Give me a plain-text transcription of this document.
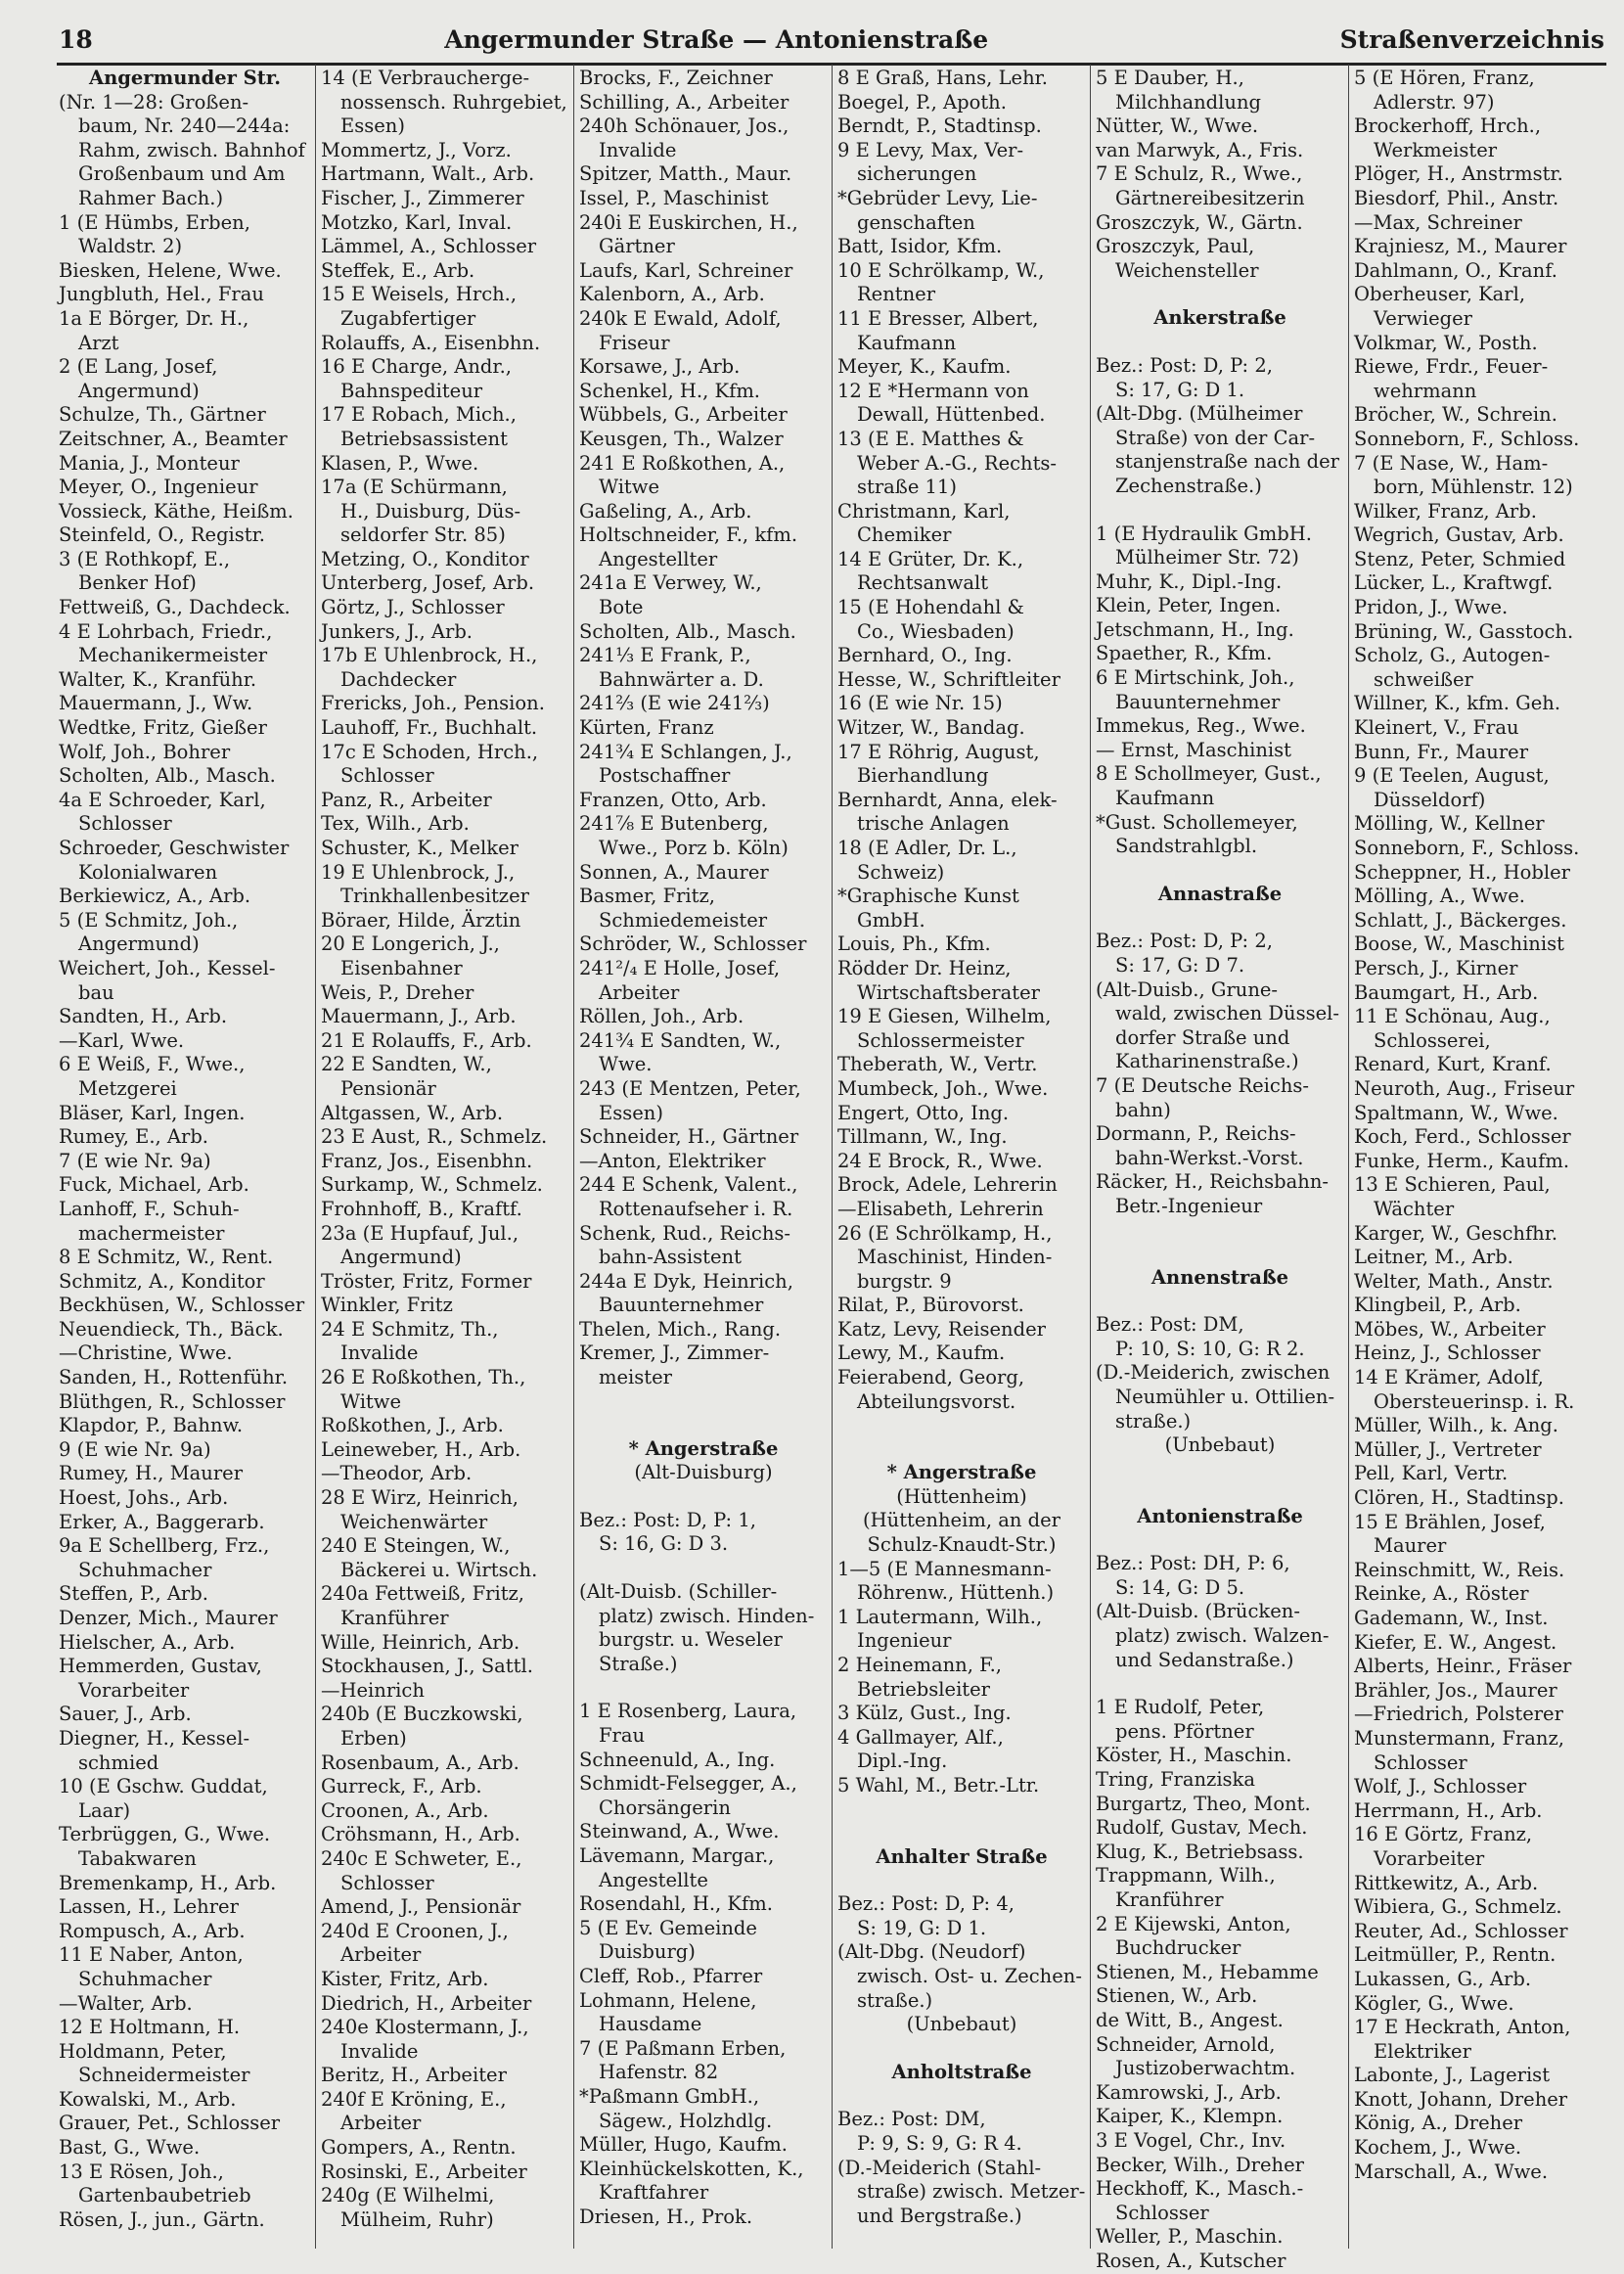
18	Angermunder Straße — Antonienstraße	Straßenverzeichnis
Angermunder Str.
(Nr. 1—28: Großen-
baum, Nr. 240—244a:
Rahm, zwisch. Bahnhof
Großenbaum und Am
Rahmer Bach.)
1 (E Hümbs, Erben,
Waldstr. 2)
Biesken, Helene, Wwe.
Jungbluth, Hel., Frau
1a E Börger, Dr. H.,
Arzt
2 (E Lang, Josef,
Angermund)
Schulze, Th., Gärtner
Zeitschner, A., Beamter
Mania, J., Monteur
Meyer, O., Ingenieur
Vossieck, Käthe, Heißm.
Steinfeld, O., Registr.
3 (E Rothkopf, E.,
Benker Hof)
Fettweiß, G., Dachdeck.
4 E Lohrbach, Friedr.,
Mechanikermeister
Walter, K., Kranführ.
Mauermann, J., Ww.
Wedtke, Fritz, Gießer
Wolf, Joh., Bohrer
Scholten, Alb., Masch.
4a E Schroeder, Karl,
Schlosser
Schroeder, Geschwister
Kolonialwaren
Berkiewicz, A., Arb.
5 (E Schmitz, Joh.,
Angermund)
Weichert, Joh., Kessel-
bau
Sandten, H., Arb.
—Karl, Wwe.
6 E Weiß, F., Wwe.,
Metzgerei
Bläser, Karl, Ingen.
Rumey, E., Arb.
7 (E wie Nr. 9a)
Fuck, Michael, Arb.
Lanhoff, F., Schuh-
machermeister
8 E Schmitz, W., Rent.
Schmitz, A., Konditor
Beckhüsen, W., Schlosser
Neuendieck, Th., Bäck.
—Christine, Wwe.
Sanden, H., Rottenführ.
Blüthgen, R., Schlosser
Klapdor, P., Bahnw.
9 (E wie Nr. 9a)
Rumey, H., Maurer
Hoest, Johs., Arb.
Erker, A., Baggerarb.
9a E Schellberg, Frz.,
Schuhmacher
Steffen, P., Arb.
Denzer, Mich., Maurer
Hielscher, A., Arb.
Hemmerden, Gustav,
Vorarbeiter
Sauer, J., Arb.
Diegner, H., Kessel-
schmied
10 (E Gschw. Guddat,
Laar)
Terbrüggen, G., Wwe.
Tabakwaren
Bremenkamp, H., Arb.
Lassen, H., Lehrer
Rompusch, A., Arb.
11 E Naber, Anton,
Schuhmacher
—Walter, Arb.
12 E Holtmann, H.
Holdmann, Peter,
Schneidermeister
Kowalski, M., Arb.
Grauer, Pet., Schlosser
Bast, G., Wwe.
13 E Rösen, Joh.,
Gartenbaubetrieb
Rösen, J., jun., Gärtn.
14 (E Verbraucherge-
nossensch. Ruhrgebiet,
Essen)
Mommertz, J., Vorz.
Hartmann, Walt., Arb.
Fischer, J., Zimmerer
Motzko, Karl, Inval.
Lämmel, A., Schlosser
Steffek, E., Arb.
15 E Weisels, Hrch.,
Zugabfertiger
Rolauffs, A., Eisenbhn.
16 E Charge, Andr.,
Bahnspediteur
17 E Robach, Mich.,
Betriebsassistent
Klasen, P., Wwe.
17a (E Schürmann,
H., Duisburg, Düs-
seldorfer Str. 85)
Metzing, O., Konditor
Unterberg, Josef, Arb.
Görtz, J., Schlosser
Junkers, J., Arb.
17b E Uhlenbrock, H.,
Dachdecker
Frericks, Joh., Pension.
Lauhoff, Fr., Buchhalt.
17c E Schoden, Hrch.,
Schlosser
Panz, R., Arbeiter
Tex, Wilh., Arb.
Schuster, K., Melker
19 E Uhlenbrock, J.,
Trinkhallenbesitzer
Böraer, Hilde, Ärztin
20 E Longerich, J.,
Eisenbahner
Weis, P., Dreher
Mauermann, J., Arb.
21 E Rolauffs, F., Arb.
22 E Sandten, W.,
Pensionär
Altgassen, W., Arb.
23 E Aust, R., Schmelz.
Franz, Jos., Eisenbhn.
Surkamp, W., Schmelz.
Frohnhoff, B., Kraftf.
23a (E Hupfauf, Jul.,
Angermund)
Tröster, Fritz, Former
Winkler, Fritz
24 E Schmitz, Th.,
Invalide
26 E Roßkothen, Th.,
Witwe
Roßkothen, J., Arb.
Leineweber, H., Arb.
—Theodor, Arb.
28 E Wirz, Heinrich,
Weichenwärter
240 E Steingen, W.,
Bäckerei u. Wirtsch.
240a Fettweiß, Fritz,
Kranführer
Wille, Heinrich, Arb.
Stockhausen, J., Sattl.
—Heinrich
240b (E Buczkowski,
Erben)
Rosenbaum, A., Arb.
Gurreck, F., Arb.
Croonen, A., Arb.
Cröhsmann, H., Arb.
240c E Schweter, E.,
Schlosser
Amend, J., Pensionär
240d E Croonen, J.,
Arbeiter
Kister, Fritz, Arb.
Diedrich, H., Arbeiter
240e Klostermann, J.,
Invalide
Beritz, H., Arbeiter
240f E Kröning, E.,
Arbeiter
Gompers, A., Rentn.
Rosinski, E., Arbeiter
240g (E Wilhelmi,
Mülheim, Ruhr)
Brocks, F., Zeichner
Schilling, A., Arbeiter
240h Schönauer, Jos.,
Invalide
Spitzer, Matth., Maur.
Issel, P., Maschinist
240i E Euskirchen, H.,
Gärtner
Laufs, Karl, Schreiner
Kalenborn, A., Arb.
240k E Ewald, Adolf,
Friseur
Korsawe, J., Arb.
Schenkel, H., Kfm.
Wübbels, G., Arbeiter
Keusgen, Th., Walzer
241 E Roßkothen, A.,
Witwe
Gaßeling, A., Arb.
Holtschneider, F., kfm.
Angestellter
241a E Verwey, W.,
Bote
Scholten, Alb., Masch.
241⅓ E Frank, P.,
Bahnwärter a. D.
241⅔ (E wie 241⅔)
Kürten, Franz
241¾ E Schlangen, J.,
Postschaffner
Franzen, Otto, Arb.
241⅞ E Butenberg,
Wwe., Porz b. Köln)
Sonnen, A., Maurer
Basmer, Fritz,
Schmiedemeister
Schröder, W., Schlosser
241²/₄ E Holle, Josef,
Arbeiter
Röllen, Joh., Arb.
241¾ E Sandten, W.,
Wwe.
243 (E Mentzen, Peter,
Essen)
Schneider, H., Gärtner
—Anton, Elektriker
244 E Schenk, Valent.,
Rottenaufseher i. R.
Schenk, Rud., Reichs-
bahn-Assistent
244a E Dyk, Heinrich,
Bauunternehmer
Thelen, Mich., Rang.
Kremer, J., Zimmer-
meister
* Angerstraße
(Alt-Duisburg)
Bez.: Post: D, P: 1,
S: 16, G: D 3.
(Alt-Duisb. (Schiller-
platz) zwisch. Hinden-
burgstr. u. Weseler
Straße.)
1 E Rosenberg, Laura,
Frau
Schneenuld, A., Ing.
Schmidt-Felsegger, A.,
Chorsängerin
Steinwand, A., Wwe.
Lävemann, Margar.,
Angestellte
Rosendahl, H., Kfm.
5 (E Ev. Gemeinde
Duisburg)
Cleff, Rob., Pfarrer
Lohmann, Helene,
Hausdame
7 (E Paßmann Erben,
Hafenstr. 82
*Paßmann GmbH.,
Sägew., Holzhdlg.
Müller, Hugo, Kaufm.
Kleinhückelskotten, K.,
Kraftfahrer
Driesen, H., Prok.
8 E Graß, Hans, Lehr.
Boegel, P., Apoth.
Berndt, P., Stadtinsp.
9 E Levy, Max, Ver-
sicherungen
*Gebrüder Levy, Lie-
genschaften
Batt, Isidor, Kfm.
10 E Schrölkamp, W.,
Rentner
11 E Bresser, Albert,
Kaufmann
Meyer, K., Kaufm.
12 E *Hermann von
Dewall, Hüttenbed.
13 (E E. Matthes &
Weber A.-G., Rechts-
straße 11)
Christmann, Karl,
Chemiker
14 E Grüter, Dr. K.,
Rechtsanwalt
15 (E Hohendahl &
Co., Wiesbaden)
Bernhard, O., Ing.
Hesse, W., Schriftleiter
16 (E wie Nr. 15)
Witzer, W., Bandag.
17 E Röhrig, August,
Bierhandlung
Bernhardt, Anna, elek-
trische Anlagen
18 (E Adler, Dr. L.,
Schweiz)
*Graphische Kunst
GmbH.
Louis, Ph., Kfm.
Rödder Dr. Heinz,
Wirtschaftsberater
19 E Giesen, Wilhelm,
Schlossermeister
Theberath, W., Vertr.
Mumbeck, Joh., Wwe.
Engert, Otto, Ing.
Tillmann, W., Ing.
24 E Brock, R., Wwe.
Brock, Adele, Lehrerin
—Elisabeth, Lehrerin
26 (E Schrölkamp, H.,
Maschinist, Hinden-
burgstr. 9
Rilat, P., Bürovorst.
Katz, Levy, Reisender
Lewy, M., Kaufm.
Feierabend, Georg,
Abteilungsvorst.
* Angerstraße
(Hüttenheim)
(Hüttenheim, an der
Schulz-Knaudt-Str.)
1—5 (E Mannesmann-
Röhrenw., Hüttenh.)
1 Lautermann, Wilh.,
Ingenieur
2 Heinemann, F.,
Betriebsleiter
3 Külz, Gust., Ing.
4 Gallmayer, Alf.,
Dipl.-Ing.
5 Wahl, M., Betr.-Ltr.
Anhalter Straße
Bez.: Post: D, P: 4,
S: 19, G: D 1.
(Alt-Dbg. (Neudorf)
zwisch. Ost- u. Zechen-
straße.)
(Unbebaut)
Anholtstraße
Bez.: Post: DM,
P: 9, S: 9, G: R 4.
(D.-Meiderich (Stahl-
straße) zwisch. Metzer-
und Bergstraße.)
5 E Dauber, H.,
Milchhandlung
Nütter, W., Wwe.
van Marwyk, A., Fris.
7 E Schulz, R., Wwe.,
Gärtnereibesitzerin
Groszczyk, W., Gärtn.
Groszczyk, Paul,
Weichensteller
Ankerstraße
Bez.: Post: D, P: 2,
S: 17, G: D 1.
(Alt-Dbg. (Mülheimer
Straße) von der Car-
stanjenstraße nach der
Zechenstraße.)
1 (E Hydraulik GmbH.
Mülheimer Str. 72)
Muhr, K., Dipl.-Ing.
Klein, Peter, Ingen.
Jetschmann, H., Ing.
Spaether, R., Kfm.
6 E Mirtschink, Joh.,
Bauunternehmer
Immekus, Reg., Wwe.
— Ernst, Maschinist
8 E Schollmeyer, Gust.,
Kaufmann
*Gust. Schollemeyer,
Sandstrahlgbl.
Annastraße
Bez.: Post: D, P: 2,
S: 17, G: D 7.
(Alt-Duisb., Grune-
wald, zwischen Düssel-
dorfer Straße und
Katharinenstraße.)
7 (E Deutsche Reichs-
bahn)
Dormann, P., Reichs-
bahn-Werkst.-Vorst.
Räcker, H., Reichsbahn-
Betr.-Ingenieur
Annenstraße
Bez.: Post: DM,
P: 10, S: 10, G: R 2.
(D.-Meiderich, zwischen
Neumühler u. Ottilien-
straße.)
(Unbebaut)
Antonienstraße
Bez.: Post: DH, P: 6,
S: 14, G: D 5.
(Alt-Duisb. (Brücken-
platz) zwisch. Walzen-
und Sedanstraße.)
1 E Rudolf, Peter,
pens. Pförtner
Köster, H., Maschin.
Tring, Franziska
Burgartz, Theo, Mont.
Rudolf, Gustav, Mech.
Klug, K., Betriebsass.
Trappmann, Wilh.,
Kranführer
2 E Kijewski, Anton,
Buchdrucker
Stienen, M., Hebamme
Stienen, W., Arb.
de Witt, B., Angest.
Schneider, Arnold,
Justizoberwachtm.
Kamrowski, J., Arb.
Kaiper, K., Klempn.
3 E Vogel, Chr., Inv.
Becker, Wilh., Dreher
Heckhoff, K., Masch.-
Schlosser
Weller, P., Maschin.
Rosen, A., Kutscher
5 (E Hören, Franz,
Adlerstr. 97)
Brockerhoff, Hrch.,
Werkmeister
Plöger, H., Anstrmstr.
Biesdorf, Phil., Anstr.
—Max, Schreiner
Krajniesz, M., Maurer
Dahlmann, O., Kranf.
Oberheuser, Karl,
Verwieger
Volkmar, W., Posth.
Riewe, Frdr., Feuer-
wehrmann
Bröcher, W., Schrein.
Sonneborn, F., Schloss.
7 (E Nase, W., Ham-
born, Mühlenstr. 12)
Wilker, Franz, Arb.
Wegrich, Gustav, Arb.
Stenz, Peter, Schmied
Lücker, L., Kraftwgf.
Pridon, J., Wwe.
Brüning, W., Gasstoch.
Scholz, G., Autogen-
schweißer
Willner, K., kfm. Geh.
Kleinert, V., Frau
Bunn, Fr., Maurer
9 (E Teelen, August,
Düsseldorf)
Mölling, W., Kellner
Sonneborn, F., Schloss.
Scheppner, H., Hobler
Mölling, A., Wwe.
Schlatt, J., Bäckerges.
Boose, W., Maschinist
Persch, J., Kirner
Baumgart, H., Arb.
11 E Schönau, Aug.,
Schlosserei,
Renard, Kurt, Kranf.
Neuroth, Aug., Friseur
Spaltmann, W., Wwe.
Koch, Ferd., Schlosser
Funke, Herm., Kaufm.
13 E Schieren, Paul,
Wächter
Karger, W., Geschfhr.
Leitner, M., Arb.
Welter, Math., Anstr.
Klingbeil, P., Arb.
Möbes, W., Arbeiter
Heinz, J., Schlosser
14 E Krämer, Adolf,
Obersteuerinsp. i. R.
Müller, Wilh., k. Ang.
Müller, J., Vertreter
Pell, Karl, Vertr.
Clören, H., Stadtinsp.
15 E Brählen, Josef,
Maurer
Reinschmitt, W., Reis.
Reinke, A., Röster
Gademann, W., Inst.
Kiefer, E. W., Angest.
Alberts, Heinr., Fräser
Brähler, Jos., Maurer
—Friedrich, Polsterer
Munstermann, Franz,
Schlosser
Wolf, J., Schlosser
Herrmann, H., Arb.
16 E Görtz, Franz,
Vorarbeiter
Rittkewitz, A., Arb.
Wibiera, G., Schmelz.
Reuter, Ad., Schlosser
Leitmüller, P., Rentn.
Lukassen, G., Arb.
Kögler, G., Wwe.
17 E Heckrath, Anton,
Elektriker
Labonte, J., Lagerist
Knott, Johann, Dreher
König, A., Dreher
Kochem, J., Wwe.
Marschall, A., Wwe.
